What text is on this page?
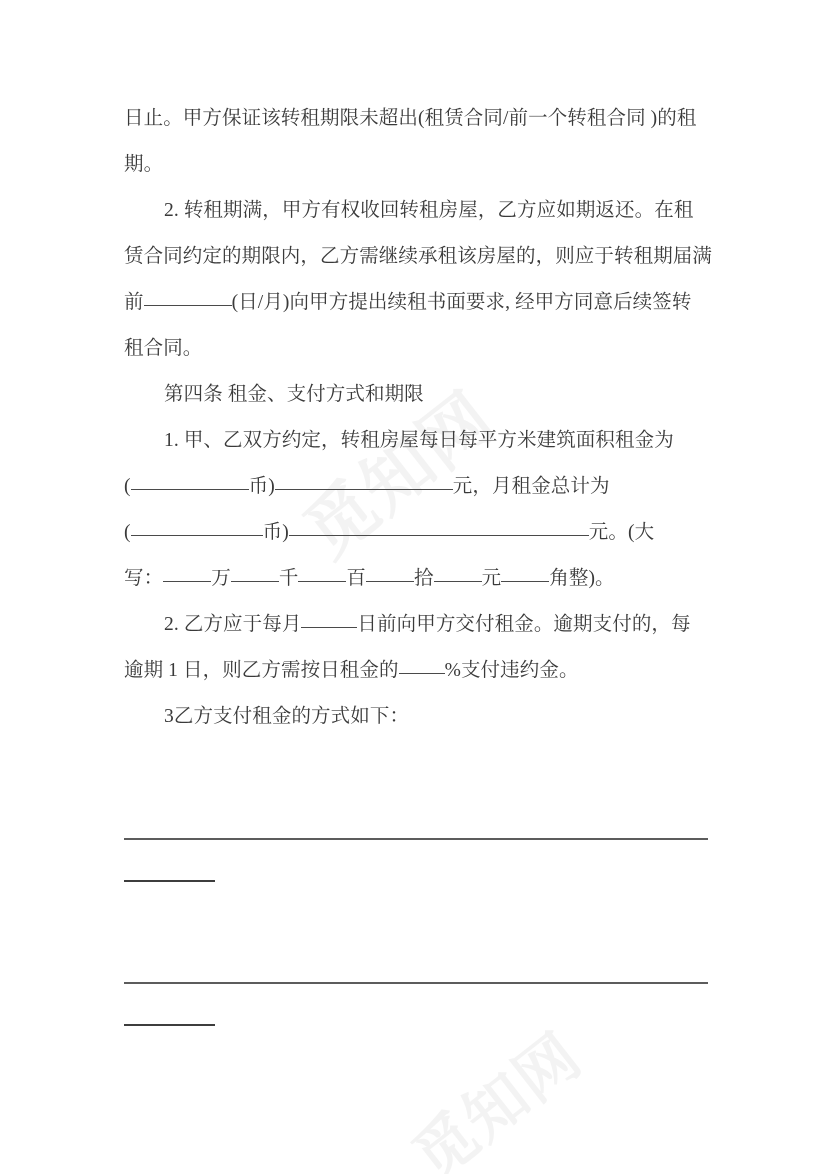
日止。甲方保证该转租期限未超出(租赁合同/前一个转租合同 )的租
期。
2. 转租期满，甲方有权收回转租房屋，乙方应如期返还。在租
赁合同约定的期限内，乙方需继续承租该房屋的，则应于转租期届满
前	(日/月)向甲方提出续租书面要求, 经甲方同意后续签转
租合同。
第四条 租金、支付方式和期限
1. 甲、乙双方约定，转租房屋每日每平方米建筑面积租金为
(	币)	元，月租金总计为
(	币)	元。(大
写： 万 千 百 拾 元 角整)。
2. 乙方应于每月	日前向甲方交付租金。逾期支付的，每
逾期 1 日，则乙方需按日租金的 %支付违约金。
3乙方支付租金的方式如下：
